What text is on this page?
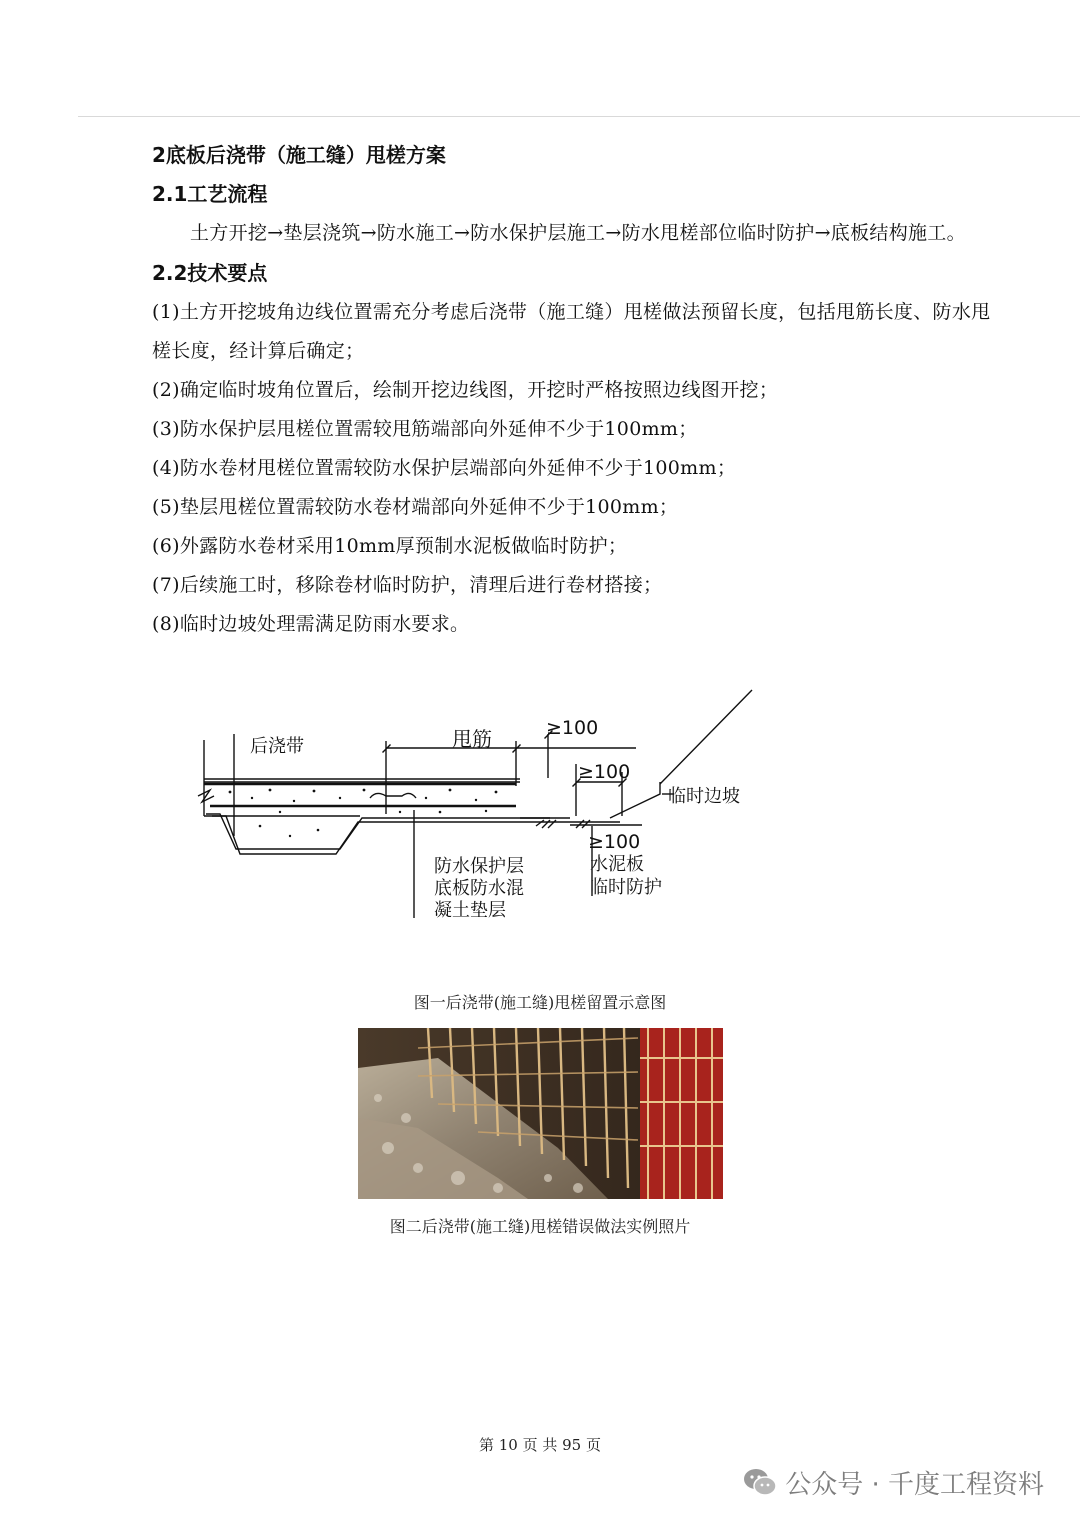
2底板后浇带（施工缝）甩槎方案
2.1工艺流程

土方开挖→垫层浇筑→防水施工→防水保护层施工→防水甩槎部位临时防护→底板结构施工。

2.2技术要点

(1)土方开挖坡角边线位置需充分考虑后浇带（施工缝）甩槎做法预留长度，包括甩筋长度、防水甩槎长度，经计算后确定；

(2)确定临时坡角位置后，绘制开挖边线图，开挖时严格按照边线图开挖；

(3)防水保护层甩槎位置需较甩筋端部向外延伸不少于100mm；

(4)防水卷材甩槎位置需较防水保护层端部向外延伸不少于100mm；

(5)垫层甩槎位置需较防水卷材端部向外延伸不少于100mm；

(6)外露防水卷材采用10mm厚预制水泥板做临时防护；

(7)后续施工时，移除卷材临时防护，清理后进行卷材搭接；

(8)临时边坡处理需满足防雨水要求。

后浇带	甩筋	≥100
≥100
≥100
临时边坡
防水保护层
底板防水混
凝土垫层
水泥板
临时防护
图一后浇带(施工缝)甩槎留置示意图
图二后浇带(施工缝)甩槎错误做法实例照片
第 10 页 共 95 页
公众号 · 千度工程资料
